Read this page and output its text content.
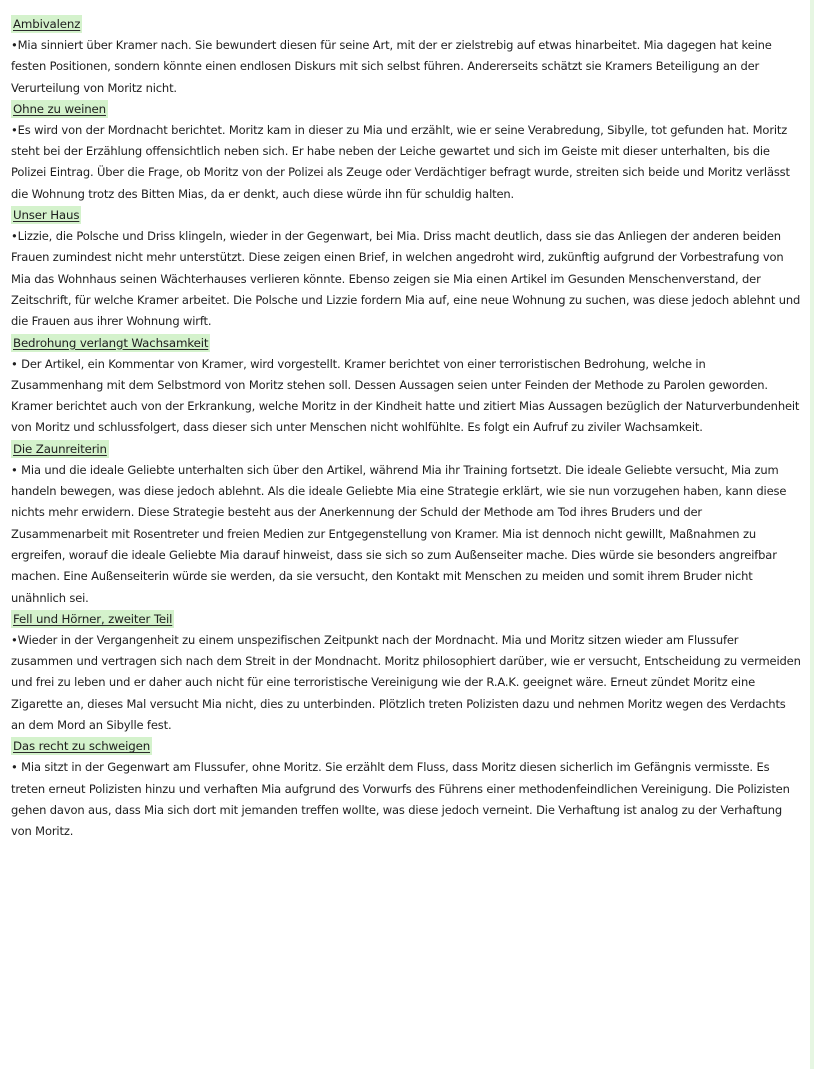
Ambivalenz

•Mia sinniert über Kramer nach. Sie bewundert diesen für seine Art, mit der er zielstrebig auf etwas hinarbeitet. Mia dagegen hat keine festen Positionen, sondern könnte einen endlosen Diskurs mit sich selbst führen. Andererseits schätzt sie Kramers Beteiligung an der Verurteilung von Moritz nicht.

Ohne zu weinen

•Es wird von der Mordnacht berichtet. Moritz kam in dieser zu Mia und erzählt, wie er seine Verabredung, Sibylle, tot gefunden hat. Moritz steht bei der Erzählung offensichtlich neben sich. Er habe neben der Leiche gewartet und sich im Geiste mit dieser unterhalten, bis die Polizei Eintrag. Über die Frage, ob Moritz von der Polizei als Zeuge oder Verdächtiger befragt wurde, streiten sich beide und Moritz verlässt die Wohnung trotz des Bitten Mias, da er denkt, auch diese würde ihn für schuldig halten.

Unser Haus

•Lizzie, die Polsche und Driss klingeln, wieder in der Gegenwart, bei Mia. Driss macht deutlich, dass sie das Anliegen der anderen beiden Frauen zumindest nicht mehr unterstützt. Diese zeigen einen Brief, in welchen angedroht wird, zukünftig aufgrund der Vorbestrafung von Mia das Wohnhaus seinen Wächterhauses verlieren könnte. Ebenso zeigen sie Mia einen Artikel im Gesunden Menschenverstand, der Zeitschrift, für welche Kramer arbeitet. Die Polsche und Lizzie fordern Mia auf, eine neue Wohnung zu suchen, was diese jedoch ablehnt und die Frauen aus ihrer Wohnung wirft.

Bedrohung verlangt Wachsamkeit

• Der Artikel, ein Kommentar von Kramer, wird vorgestellt. Kramer berichtet von einer terroristischen Bedrohung, welche in Zusammenhang mit dem Selbstmord von Moritz stehen soll. Dessen Aussagen seien unter Feinden der Methode zu Parolen geworden. Kramer berichtet auch von der Erkrankung, welche Moritz in der Kindheit hatte und zitiert Mias Aussagen bezüglich der Naturverbundenheit von Moritz und schlussfolgert, dass dieser sich unter Menschen nicht wohlfühlte. Es folgt ein Aufruf zu ziviler Wachsamkeit.

Die Zaunreiterin

• Mia und die ideale Geliebte unterhalten sich über den Artikel, während Mia ihr Training fortsetzt. Die ideale Geliebte versucht, Mia zum handeln bewegen, was diese jedoch ablehnt. Als die ideale Geliebte Mia eine Strategie erklärt, wie sie nun vorzugehen haben, kann diese nichts mehr erwidern. Diese Strategie besteht aus der Anerkennung der Schuld der Methode am Tod ihres Bruders und der Zusammenarbeit mit Rosentreter und freien Medien zur Entgegenstellung von Kramer. Mia ist dennoch nicht gewillt, Maßnahmen zu ergreifen, worauf die ideale Geliebte Mia darauf hinweist, dass sie sich so zum Außenseiter mache. Dies würde sie besonders angreifbar machen. Eine Außenseiterin würde sie werden, da sie versucht, den Kontakt mit Menschen zu meiden und somit ihrem Bruder nicht unähnlich sei.

Fell und Hörner, zweiter Teil

•Wieder in der Vergangenheit zu einem unspezifischen Zeitpunkt nach der Mordnacht. Mia und Moritz sitzen wieder am Flussufer zusammen und vertragen sich nach dem Streit in der Mondnacht. Moritz philosophiert darüber, wie er versucht, Entscheidung zu vermeiden und frei zu leben und er daher auch nicht für eine terroristische Vereinigung wie der R.A.K. geeignet wäre. Erneut zündet Moritz eine Zigarette an, dieses Mal versucht Mia nicht, dies zu unterbinden. Plötzlich treten Polizisten dazu und nehmen Moritz wegen des Verdachts an dem Mord an Sibylle fest.

Das recht zu schweigen

• Mia sitzt in der Gegenwart am Flussufer, ohne Moritz. Sie erzählt dem Fluss, dass Moritz diesen sicherlich im Gefängnis vermisste. Es treten erneut Polizisten hinzu und verhaften Mia aufgrund des Vorwurfs des Führens einer methodenfeindlichen Vereinigung. Die Polizisten gehen davon aus, dass Mia sich dort mit jemanden treffen wollte, was diese jedoch verneint. Die Verhaftung ist analog zu der Verhaftung von Moritz.
